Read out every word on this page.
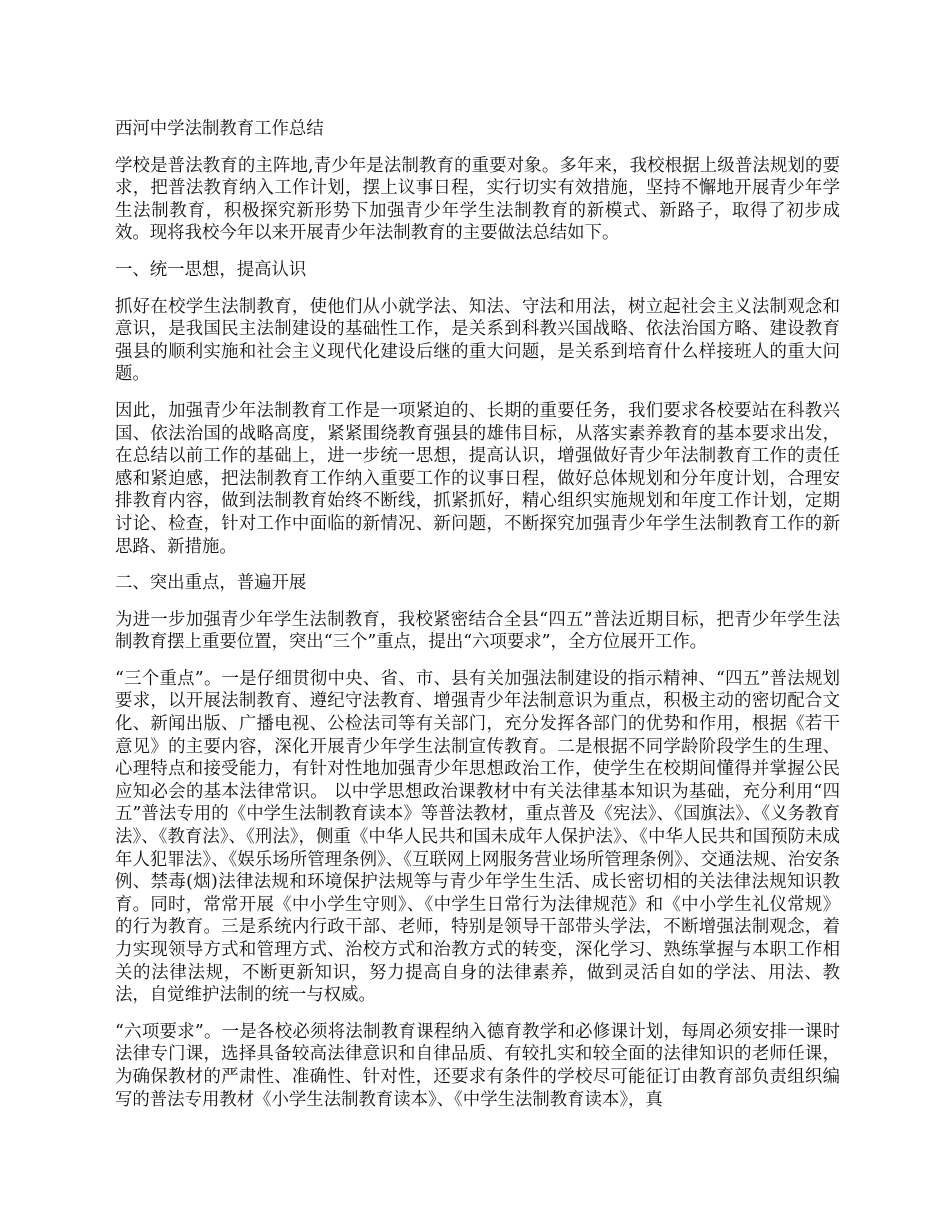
西河中学法制教育工作总结

学校是普法教育的主阵地,青少年是法制教育的重要对象。多年来，我校根据上级普法规划的要求，把普法教育纳入工作计划，摆上议事日程，实行切实有效措施，坚持不懈地开展青少年学生法制教育，积极探究新形势下加强青少年学生法制教育的新模式、新路子，取得了初步成效。现将我校今年以来开展青少年法制教育的主要做法总结如下。

一、统一思想，提高认识

抓好在校学生法制教育，使他们从小就学法、知法、守法和用法，树立起社会主义法制观念和意识，是我国民主法制建设的基础性工作，是关系到科教兴国战略、依法治国方略、建设教育强县的顺利实施和社会主义现代化建设后继的重大问题，是关系到培育什么样接班人的重大问题。

因此，加强青少年法制教育工作是一项紧迫的、长期的重要任务，我们要求各校要站在科教兴国、依法治国的战略高度，紧紧围绕教育强县的雄伟目标，从落实素养教育的基本要求出发，在总结以前工作的基础上，进一步统一思想，提高认识，增强做好青少年法制教育工作的责任感和紧迫感，把法制教育工作纳入重要工作的议事日程，做好总体规划和分年度计划，合理安排教育内容，做到法制教育始终不断线，抓紧抓好，精心组织实施规划和年度工作计划，定期讨论、检查，针对工作中面临的新情况、新问题，不断探究加强青少年学生法制教育工作的新思路、新措施。

二、突出重点，普遍开展

为进一步加强青少年学生法制教育，我校紧密结合全县“四五”普法近期目标，把青少年学生法制教育摆上重要位置，突出“三个”重点，提出“六项要求”，全方位展开工作。

“三个重点”。一是仔细贯彻中央、省、市、县有关加强法制建设的指示精神、“四五”普法规划要求，以开展法制教育、遵纪守法教育、增强青少年法制意识为重点，积极主动的密切配合文化、新闻出版、广播电视、公检法司等有关部门，充分发挥各部门的优势和作用，根据《若干意见》的主要内容，深化开展青少年学生法制宣传教育。二是根据不同学龄阶段学生的生理、心理特点和接受能力，有针对性地加强青少年思想政治工作，使学生在校期间懂得并掌握公民应知必会的基本法律常识。 以中学思想政治课教材中有关法律基本知识为基础，充分利用“四五”普法专用的《中学生法制教育读本》等普法教材，重点普及《宪法》、《国旗法》、《义务教育法》、《教育法》、《刑法》，侧重《中华人民共和国未成年人保护法》、《中华人民共和国预防未成年人犯罪法》、《娱乐场所管理条例》、《互联网上网服务营业场所管理条例》、交通法规、治安条例、禁毒(烟)法律法规和环境保护法规等与青少年学生生活、成长密切相的关法律法规知识教育。同时，常常开展《中小学生守则》、《中学生日常行为法律规范》和《中小学生礼仪常规》的行为教育。三是系统内行政干部、老师，特别是领导干部带头学法，不断增强法制观念，着力实现领导方式和管理方式、治校方式和治教方式的转变，深化学习、熟练掌握与本职工作相关的法律法规，不断更新知识，努力提高自身的法律素养，做到灵活自如的学法、用法、教法，自觉维护法制的统一与权威。

“六项要求”。一是各校必须将法制教育课程纳入德育教学和必修课计划，每周必须安排一课时法律专门课，选择具备较高法律意识和自律品质、有较扎实和较全面的法律知识的老师任课，为确保教材的严肃性、准确性、针对性，还要求有条件的学校尽可能征订由教育部负责组织编写的普法专用教材《小学生法制教育读本》、《中学生法制教育读本》，真
